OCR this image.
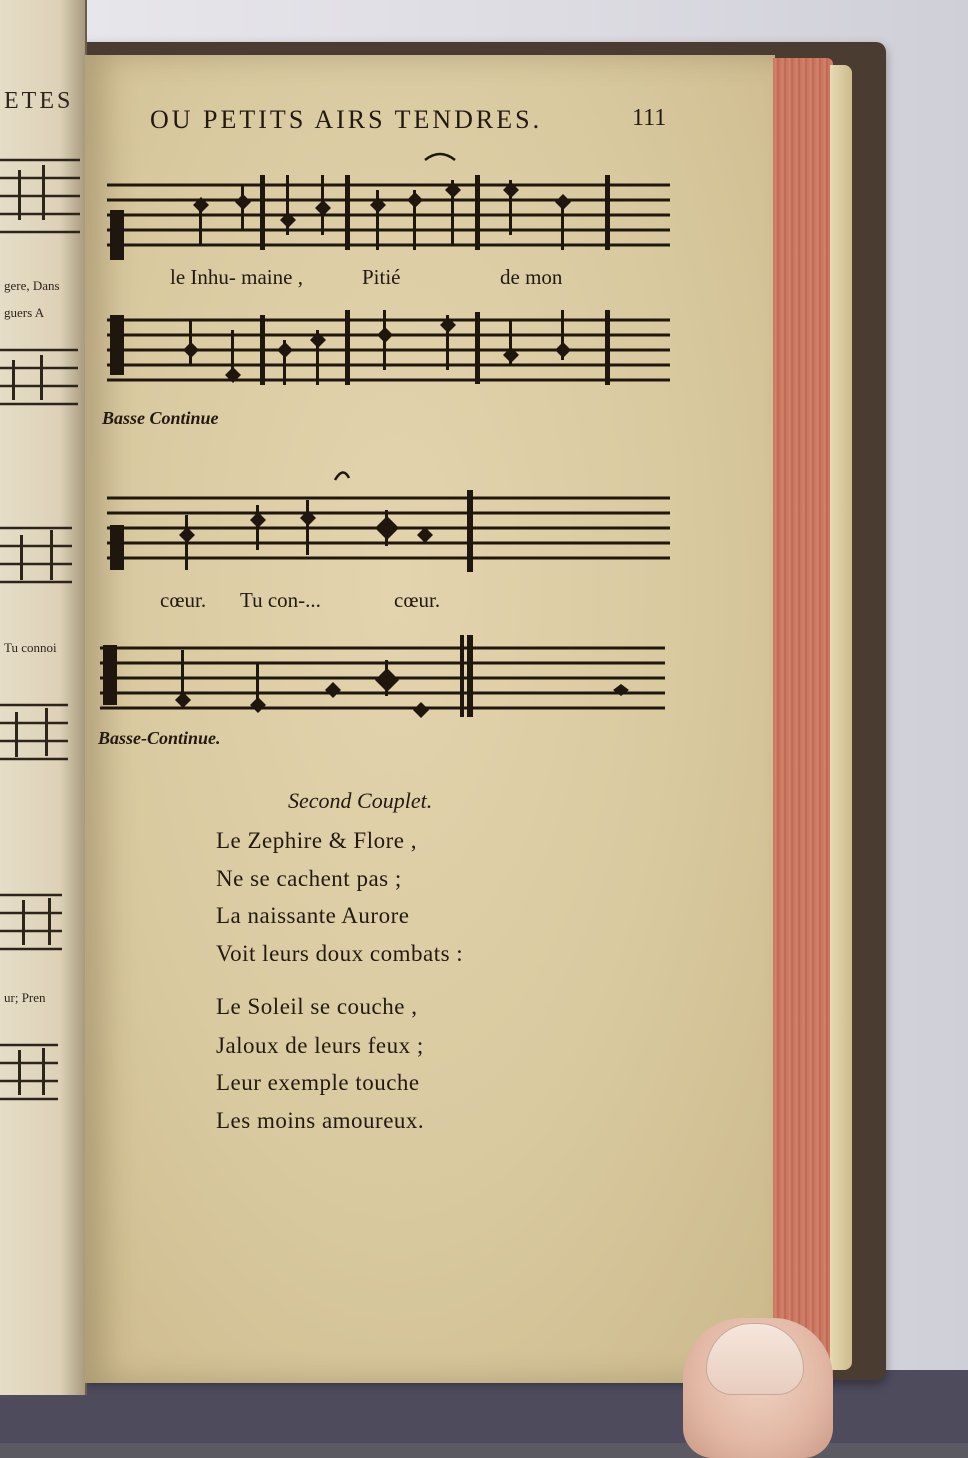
ETES
gere, Dans
guers A
Tu connoi
ur; Pren
OU PETITS AIRS TENDRES.	111
le Inhu- maine ,	Pitié	de mon
Basse Continue
cœur. Tu con-...	cœur.
Basse-Continue.
Second Couplet.
Le Zephire & Flore ,
Ne se cachent pas ;
La naissante Aurore
Voit leurs doux combats :
Le Soleil se couche ,
Jaloux de leurs feux ;
Leur exemple touche
Les moins amoureux.
